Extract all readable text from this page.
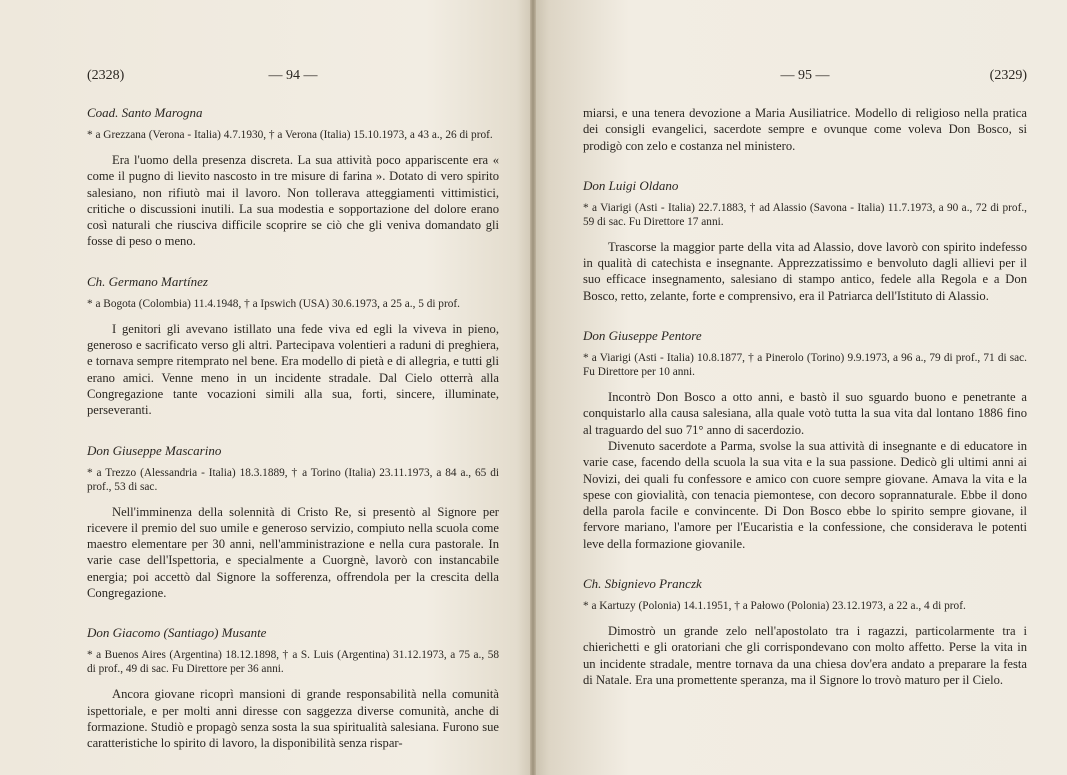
(2328)	— 94 —
Coad. Santo Marogna
* a Grezzana (Verona - Italia) 4.7.1930, † a Verona (Italia) 15.10.1973, a 43 a., 26 di prof.

Era l'uomo della presenza discreta. La sua attività poco appariscente era « come il pugno di lievito nascosto in tre misure di farina ». Dotato di vero spirito salesiano, non rifiutò mai il lavoro. Non tollerava atteggiamenti vittimistici, critiche o discussioni inutili. La sua modestia e sopportazione del dolore erano così naturali che riusciva difficile scoprire se ciò che gli veniva domandato gli fosse di peso o meno.

Ch. Germano Martínez
* a Bogota (Colombia) 11.4.1948, † a Ipswich (USA) 30.6.1973, a 25 a., 5 di prof.

I genitori gli avevano istillato una fede viva ed egli la viveva in pieno, generoso e sacrificato verso gli altri. Partecipava volentieri a raduni di preghiera, e tornava sempre ritemprato nel bene. Era modello di pietà e di allegria, e tutti gli erano amici. Venne meno in un incidente stradale. Dal Cielo otterrà alla Congregazione tante vocazioni simili alla sua, forti, sincere, illuminate, perseveranti.

Don Giuseppe Mascarino
* a Trezzo (Alessandria - Italia) 18.3.1889, † a Torino (Italia) 23.11.1973, a 84 a., 65 di prof., 53 di sac.

Nell'imminenza della solennità di Cristo Re, si presentò al Signore per ricevere il premio del suo umile e generoso servizio, compiuto nella scuola come maestro elementare per 30 anni, nell'amministrazione e nella cura pastorale. In varie case dell'Ispettoria, e specialmente a Cuorgnè, lavorò con instancabile energia; poi accettò dal Signore la sofferenza, offrendola per la crescita della Congregazione.

Don Giacomo (Santiago) Musante
* a Buenos Aires (Argentina) 18.12.1898, † a S. Luis (Argentina) 31.12.1973, a 75 a., 58 di prof., 49 di sac. Fu Direttore per 36 anni.

Ancora giovane ricoprì mansioni di grande responsabilità nella comunità ispettoriale, e per molti anni diresse con saggezza diverse comunità, anche di formazione. Studiò e propagò senza sosta la sua spiritualità salesiana. Furono sue caratteristiche lo spirito di lavoro, la disponibilità senza rispar-

— 95 —	(2329)

miarsi, e una tenera devozione a Maria Ausiliatrice. Modello di religioso nella pratica dei consigli evangelici, sacerdote sempre e ovunque come voleva Don Bosco, si prodigò con zelo e costanza nel ministero.

Don Luigi Oldano
* a Viarigi (Asti - Italia) 22.7.1883, † ad Alassio (Savona - Italia) 11.7.1973, a 90 a., 72 di prof., 59 di sac. Fu Direttore 17 anni.

Trascorse la maggior parte della vita ad Alassio, dove lavorò con spirito indefesso in qualità di catechista e insegnante. Apprezzatissimo e benvoluto dagli allievi per il suo efficace insegnamento, salesiano di stampo antico, fedele alla Regola e a Don Bosco, retto, zelante, forte e comprensivo, era il Patriarca dell'Istituto di Alassio.

Don Giuseppe Pentore
* a Viarigi (Asti - Italia) 10.8.1877, † a Pinerolo (Torino) 9.9.1973, a 96 a., 79 di prof., 71 di sac. Fu Direttore per 10 anni.

Incontrò Don Bosco a otto anni, e bastò il suo sguardo buono e penetrante a conquistarlo alla causa salesiana, alla quale votò tutta la sua vita dal lontano 1886 fino al traguardo del suo 71° anno di sacerdozio.

Divenuto sacerdote a Parma, svolse la sua attività di insegnante e di educatore in varie case, facendo della scuola la sua vita e la sua passione. Dedicò gli ultimi anni ai Novizi, dei quali fu confessore e amico con cuore sempre giovane. Amava la vita e la spese con giovialità, con tenacia piemontese, con decoro soprannaturale. Ebbe il dono della parola facile e convincente. Di Don Bosco ebbe lo spirito sempre giovane, il fervore mariano, l'amore per l'Eucaristia e la confessione, che considerava le potenti leve della formazione giovanile.

Ch. Sbignievo Pranczk
* a Kartuzy (Polonia) 14.1.1951, † a Pałowo (Polonia) 23.12.1973, a 22 a., 4 di prof.

Dimostrò un grande zelo nell'apostolato tra i ragazzi, particolarmente tra i chierichetti e gli oratoriani che gli corrispondevano con molto affetto. Perse la vita in un incidente stradale, mentre tornava da una chiesa dov'era andato a preparare la festa di Natale. Era una promettente speranza, ma il Signore lo trovò maturo per il Cielo.
